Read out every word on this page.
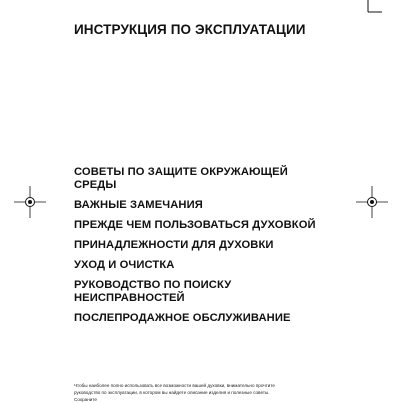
ИНСТРУКЦИЯ ПО ЭКСПЛУАТАЦИИ
СОВЕТЫ ПО ЗАЩИТЕ ОКРУЖАЮЩЕЙ
СРЕДЫ
ВАЖНЫЕ ЗАМЕЧАНИЯ
ПРЕЖДЕ ЧЕМ ПОЛЬЗОВАТЬСЯ ДУХОВКОЙ
ПРИНАДЛЕЖНОСТИ ДЛЯ ДУХОВКИ
УХОД И ОЧИСТКА
РУКОВОДСТВО ПО ПОИСКУ
НЕИСПРАВНОСТЕЙ
ПОСЛЕПРОДАЖНОЕ ОБСЛУЖИВАНИЕ

Чтобы наиболее полно использовать все возможности вашей духовки, внимательно прочтите
руководство по эксплуатации, в котором вы найдете описание изделия и полезные советы.
Сохраните
